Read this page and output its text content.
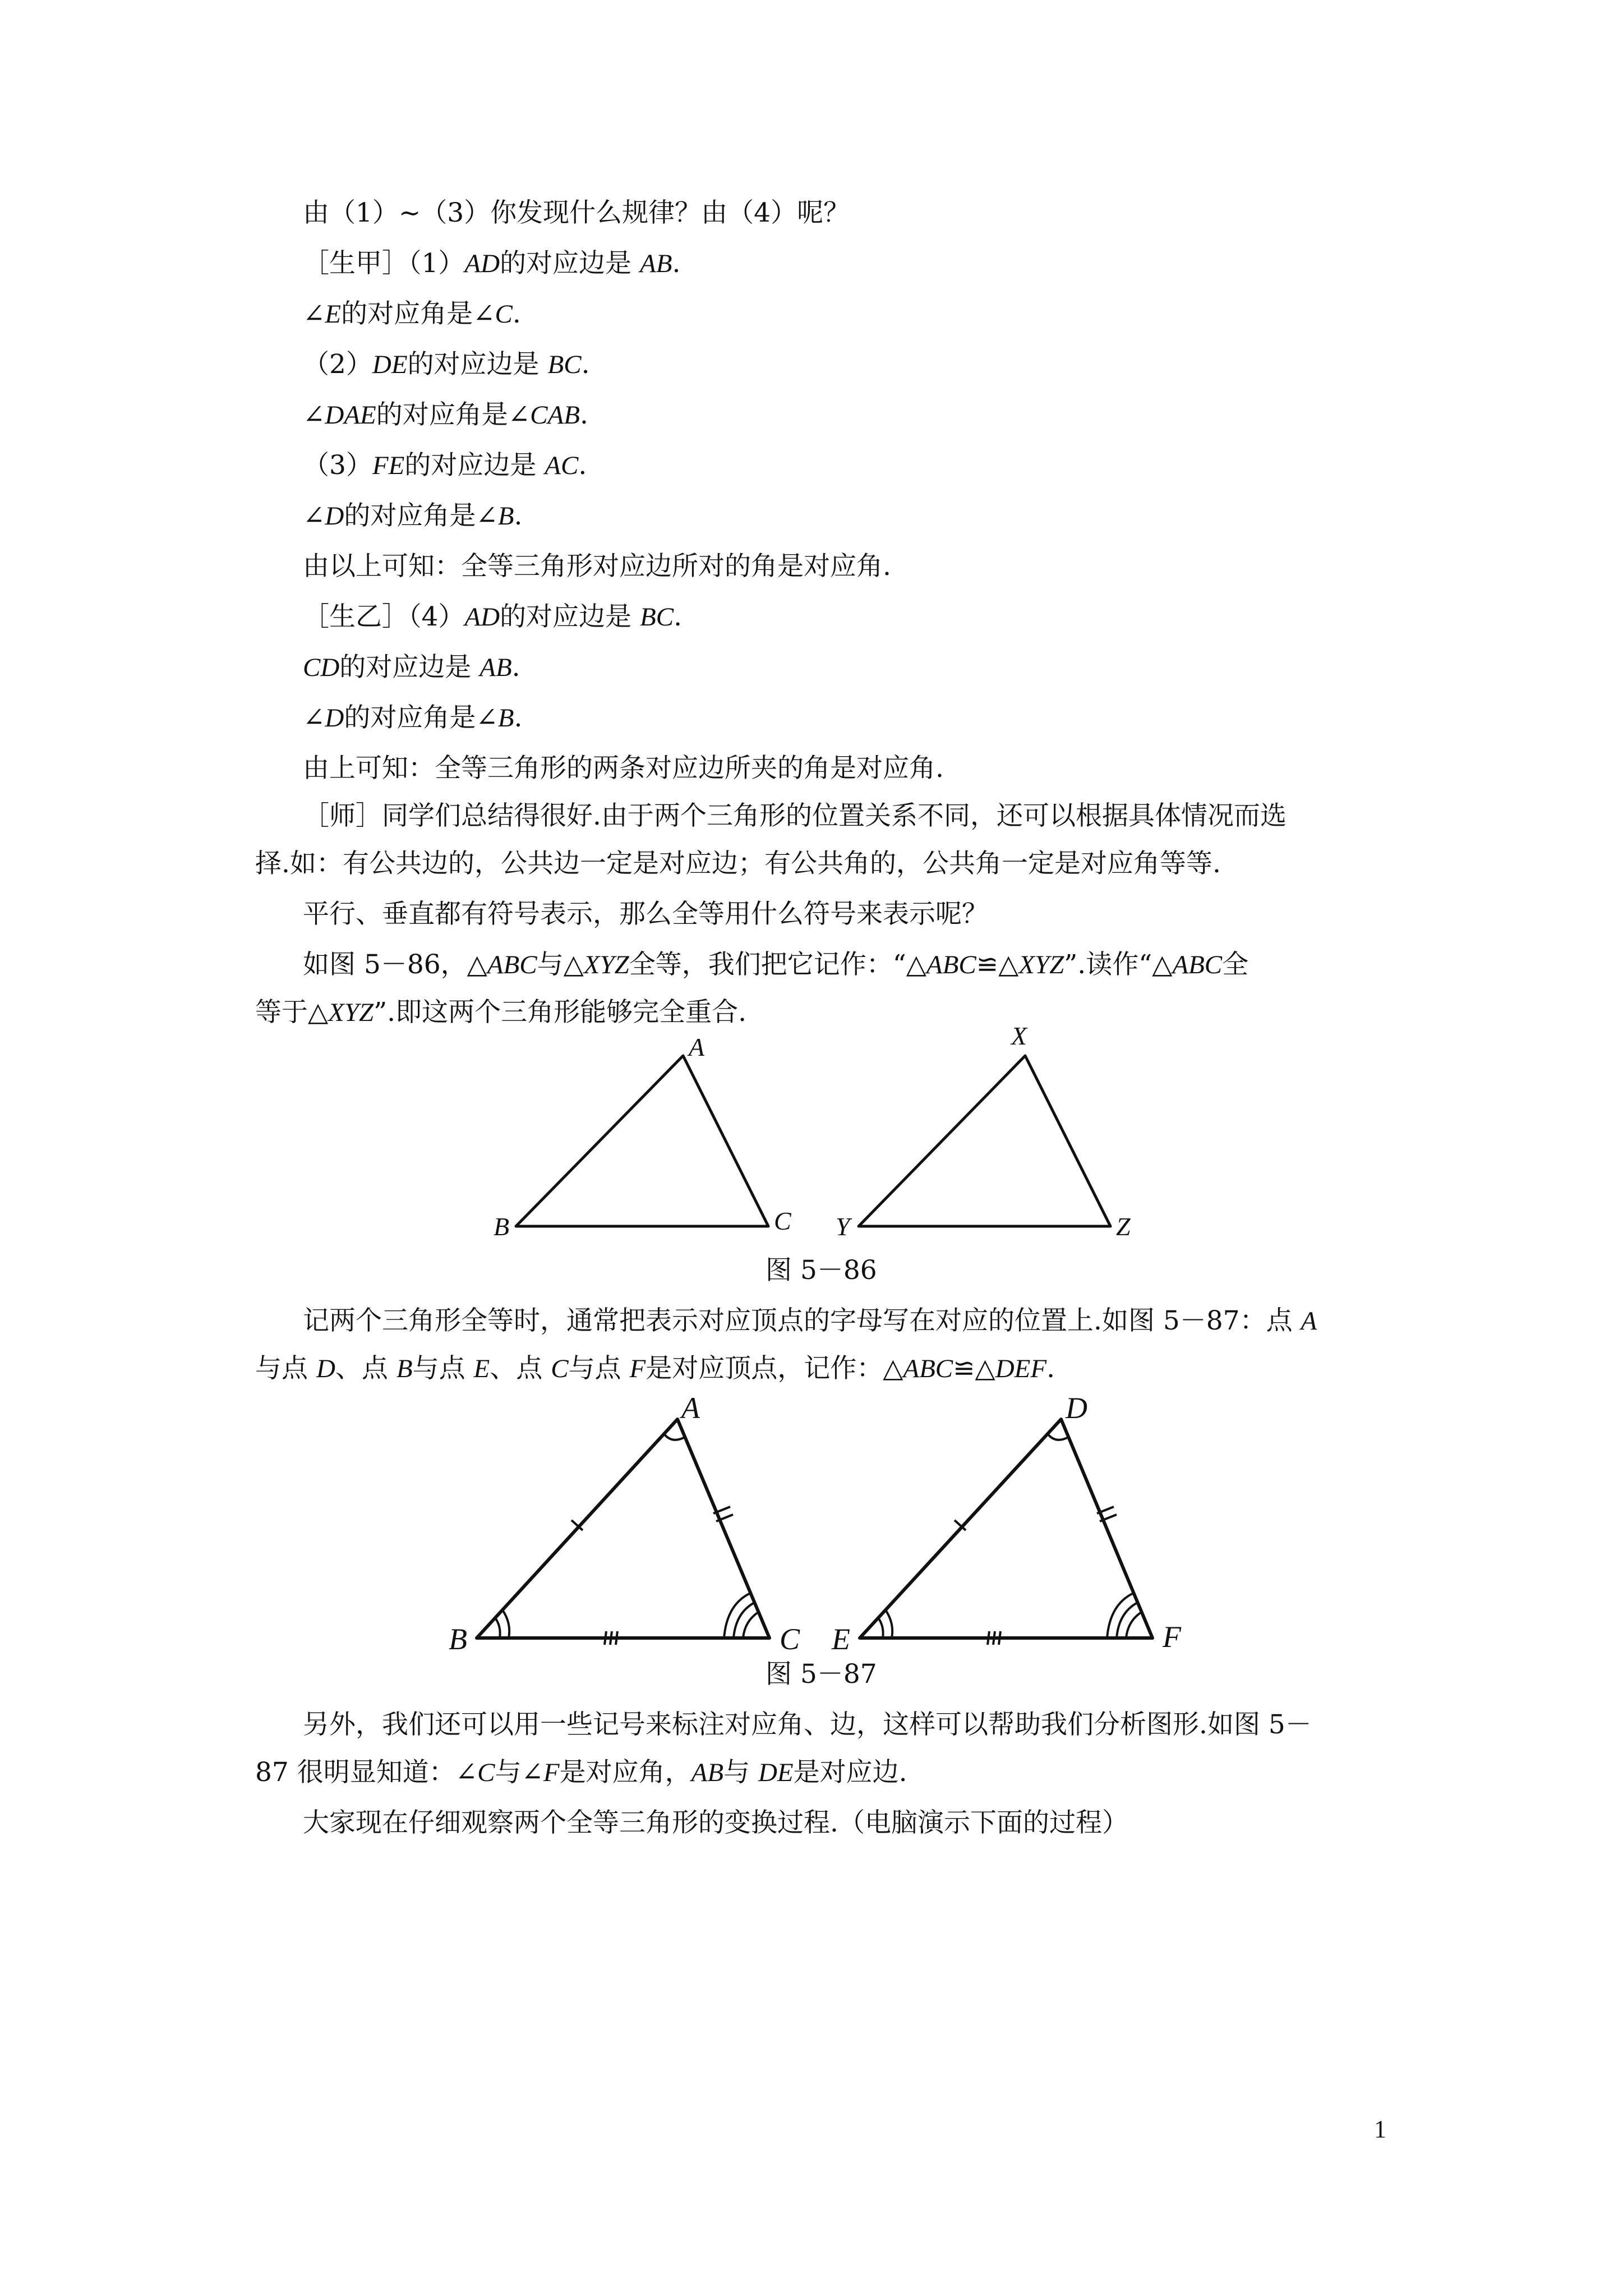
由（1）~（3）你发现什么规律？由（4）呢？
［生甲］（1）AD的对应边是 AB.
∠E的对应角是∠C.
（2）DE的对应边是 BC.
∠DAE的对应角是∠CAB.
（3）FE的对应边是 AC.
∠D的对应角是∠B.
由以上可知：全等三角形对应边所对的角是对应角.
［生乙］（4）AD的对应边是 BC.
CD的对应边是 AB.
∠D的对应角是∠B.
由上可知：全等三角形的两条对应边所夹的角是对应角.
［师］同学们总结得很好.由于两个三角形的位置关系不同，还可以根据具体情况而选
择.如：有公共边的，公共边一定是对应边；有公共角的，公共角一定是对应角等等.
平行、垂直都有符号表示，那么全等用什么符号来表示呢？
如图 5－86，△ABC与△XYZ全等，我们把它记作：“△ABC≌△XYZ”.读作“△ABC全
等于△XYZ”.即这两个三角形能够完全重合.
A
B	C
X
Y	Z
图 5－86
记两个三角形全等时，通常把表示对应顶点的字母写在对应的位置上.如图 5－87：点 A
与点 D、点 B与点 E、点 C与点 F是对应顶点，记作：△ABC≌△DEF.
A
B	C
D
E	F
图 5－87
另外，我们还可以用一些记号来标注对应角、边，这样可以帮助我们分析图形.如图 5－
87 很明显知道：∠C与∠F是对应角，AB与 DE是对应边.
大家现在仔细观察两个全等三角形的变换过程.（电脑演示下面的过程）
1
